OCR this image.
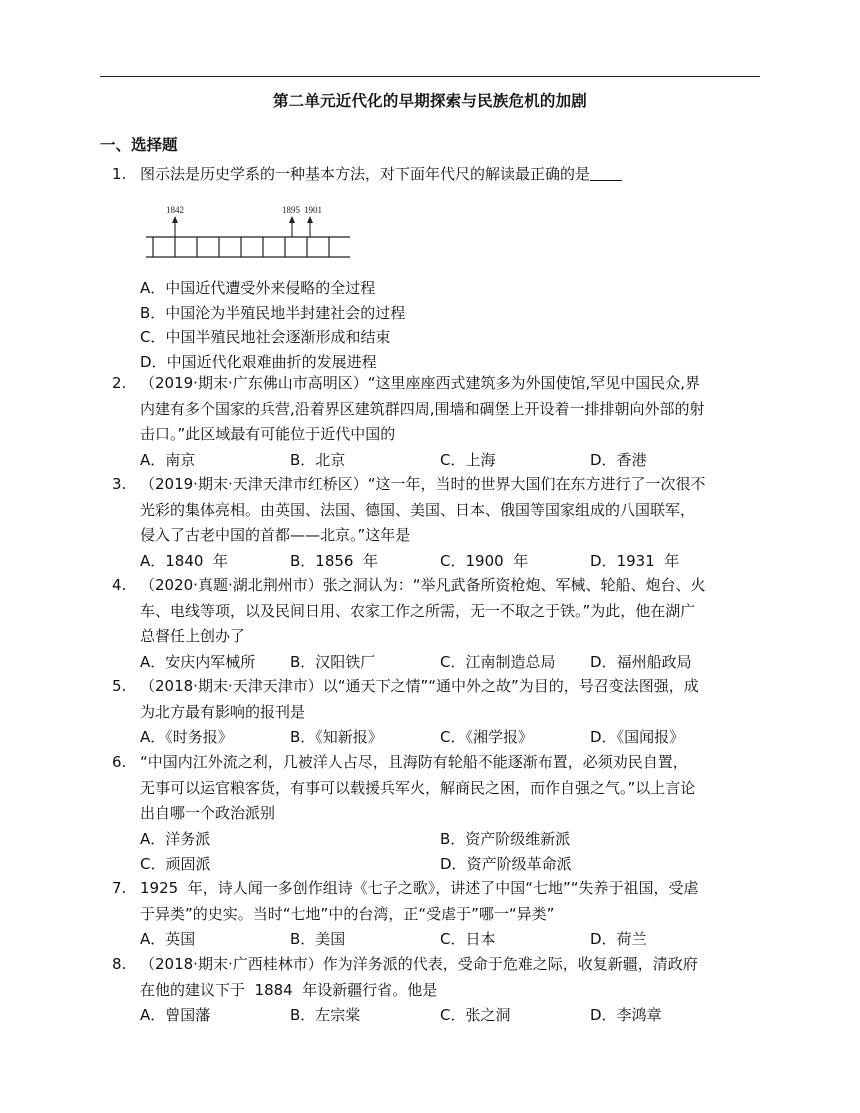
第二单元近代化的早期探索与民族危机的加剧
一、选择题
1. 图示法是历史学系的一种基本方法，对下面年代尺的解读最正确的是
1842	1895 1901
A．中国近代遭受外来侵略的全过程
B．中国沦为半殖民地半封建社会的过程
C．中国半殖民地社会逐渐形成和结束
D．中国近代化艰难曲折的发展进程
2. （2019·期末·广东佛山市高明区）“这里座座西式建筑多为外国使馆,罕见中国民众,界
内建有多个国家的兵营,沿着界区建筑群四周,围墙和碉堡上开设着一排排朝向外部的射
击口。”此区域最有可能位于近代中国的
A．南京	B．北京	C．上海	D．香港
3. （2019·期末·天津天津市红桥区）“这一年，当时的世界大国们在东方进行了一次很不
光彩的集体亮相。由英国、法国、德国、美国、日本、俄国等国家组成的八国联军，
侵入了古老中国的首都——北京。”这年是
A．1840  年	B．1856  年	C．1900  年	D．1931  年
4. （2020·真题·湖北荆州市）张之洞认为：“举凡武备所资枪炮、军械、轮船、炮台、火
车、电线等项，以及民间日用、农家工作之所需，无一不取之于铁。”为此，他在湖广
总督任上创办了
A．安庆内军械所 B．汉阳铁厂	C．江南制造总局 D．福州船政局
5. （2018·期末·天津天津市）以“通天下之情”“通中外之故”为目的，号召变法图强，成
为北方最有影响的报刊是
A．《时务报》	B．《知新报》	C．《湘学报》	D．《国闻报》
6. “中国内江外流之利，几被洋人占尽，且海防有轮船不能逐渐布置，必须劝民自置，
无事可以运官粮客货，有事可以载援兵军火，解商民之困，而作自强之气。”以上言论
出自哪一个政治派别
A．洋务派	B．资产阶级维新派
C．顽固派	D．资产阶级革命派
7. 1925  年，诗人闻一多创作组诗《七子之歌》，讲述了中国“七地”“失养于祖国，受虐
于异类”的史实。当时“七地”中的台湾，正“受虐于”哪一“异类”
A．英国	B．美国	C．日本	D．荷兰
8. （2018·期末·广西桂林市）作为洋务派的代表，受命于危难之际，收复新疆，清政府
在他的建议下于  1884  年设新疆行省。他是
A．曾国藩	B．左宗棠	C．张之洞	D．李鸿章
